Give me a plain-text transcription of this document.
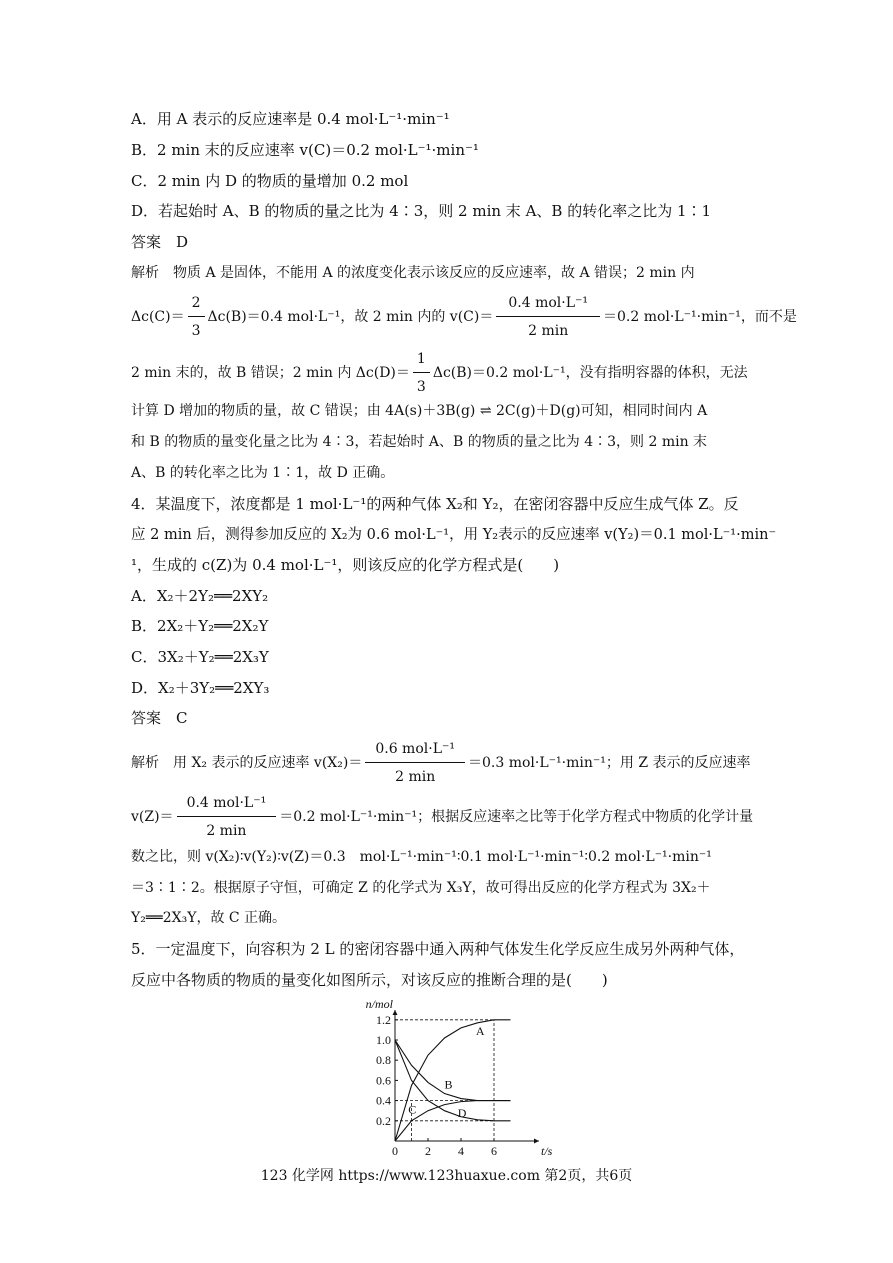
A．用 A 表示的反应速率是 0.4 mol·L⁻¹·min⁻¹
B．2 min 末的反应速率 v(C)＝0.2 mol·L⁻¹·min⁻¹
C．2 min 内 D 的物质的量增加 0.2 mol
D．若起始时 A、B 的物质的量之比为 4∶3，则 2 min 末 A、B 的转化率之比为 1∶1
答案　D
解析　物质 A 是固体，不能用 A 的浓度变化表示该反应的反应速率，故 A 错误；2 min 内
$\Delta c(C)= \frac{2}{3} \Delta c(B)=0.4$ mol·L⁻¹，故 2 min 内的 $v(C)= \frac{\text{0.4 mol·L⁻¹}}{2 \min} =0.2$ mol·L⁻¹·min⁻¹，而不是
2 min 末的，故 B 错误；2 min 内 $\Delta c(D)= \frac{1}{3} \Delta c(B)=0.2$ mol·L⁻¹，没有指明容器的体积，无法
计算 D 增加的物质的量，故 C 错误；由 4A(s)＋3B(g) ⇌ 2C(g)＋D(g)可知，相同时间内 A
和 B 的物质的量变化量之比为 4∶3，若起始时 A、B 的物质的量之比为 4∶3，则 2 min 末
A、B 的转化率之比为 1∶1，故 D 正确。
4．某温度下，浓度都是 1 mol·L⁻¹的两种气体 X₂和 Y₂，在密闭容器中反应生成气体 Z。反
应 2 min 后，测得参加反应的 X₂为 0.6 mol·L⁻¹，用 Y₂表示的反应速率 v(Y₂)＝0.1 mol·L⁻¹·min⁻
¹，生成的 c(Z)为 0.4 mol·L⁻¹，则该反应的化学方程式是(　　)
A．X₂＋2Y₂══2XY₂
B．2X₂＋Y₂══2X₂Y
C．3X₂＋Y₂══2X₃Y
D．X₂＋3Y₂══2XY₃
答案　C
解析　用 X₂ 表示的反应速率 $v(X_2)= \frac{\text{0.6 mol·L⁻¹}}{2 \min} =0.3$ mol·L⁻¹·min⁻¹；用 Z 表示的反应速率
$v(Z)= \frac{\text{0.4 mol·L⁻¹}}{2 \min} =0.2$ mol·L⁻¹·min⁻¹；根据反应速率之比等于化学方程式中物质的化学计量
数之比，则 v(X₂)∶v(Y₂)∶v(Z)＝0.3　mol·L⁻¹·min⁻¹∶0.1 mol·L⁻¹·min⁻¹∶0.2 mol·L⁻¹·min⁻¹
＝3∶1∶2。根据原子守恒，可确定 Z 的化学式为 X₃Y，故可得出反应的化学方程式为 3X₂＋
Y₂══2X₃Y，故 C 正确。
5．一定温度下，向容积为 2 L 的密闭容器中通入两种气体发生化学反应生成另外两种气体，
反应中各物质的物质的量变化如图所示，对该反应的推断合理的是(　　)
0.2
0.4
0.6
0.8
1.0
1.2
0 2 4 6
n/mol
t/s
A
B
C	D
123 化学网 https://www.123huaxue.com 第2页，共6页
